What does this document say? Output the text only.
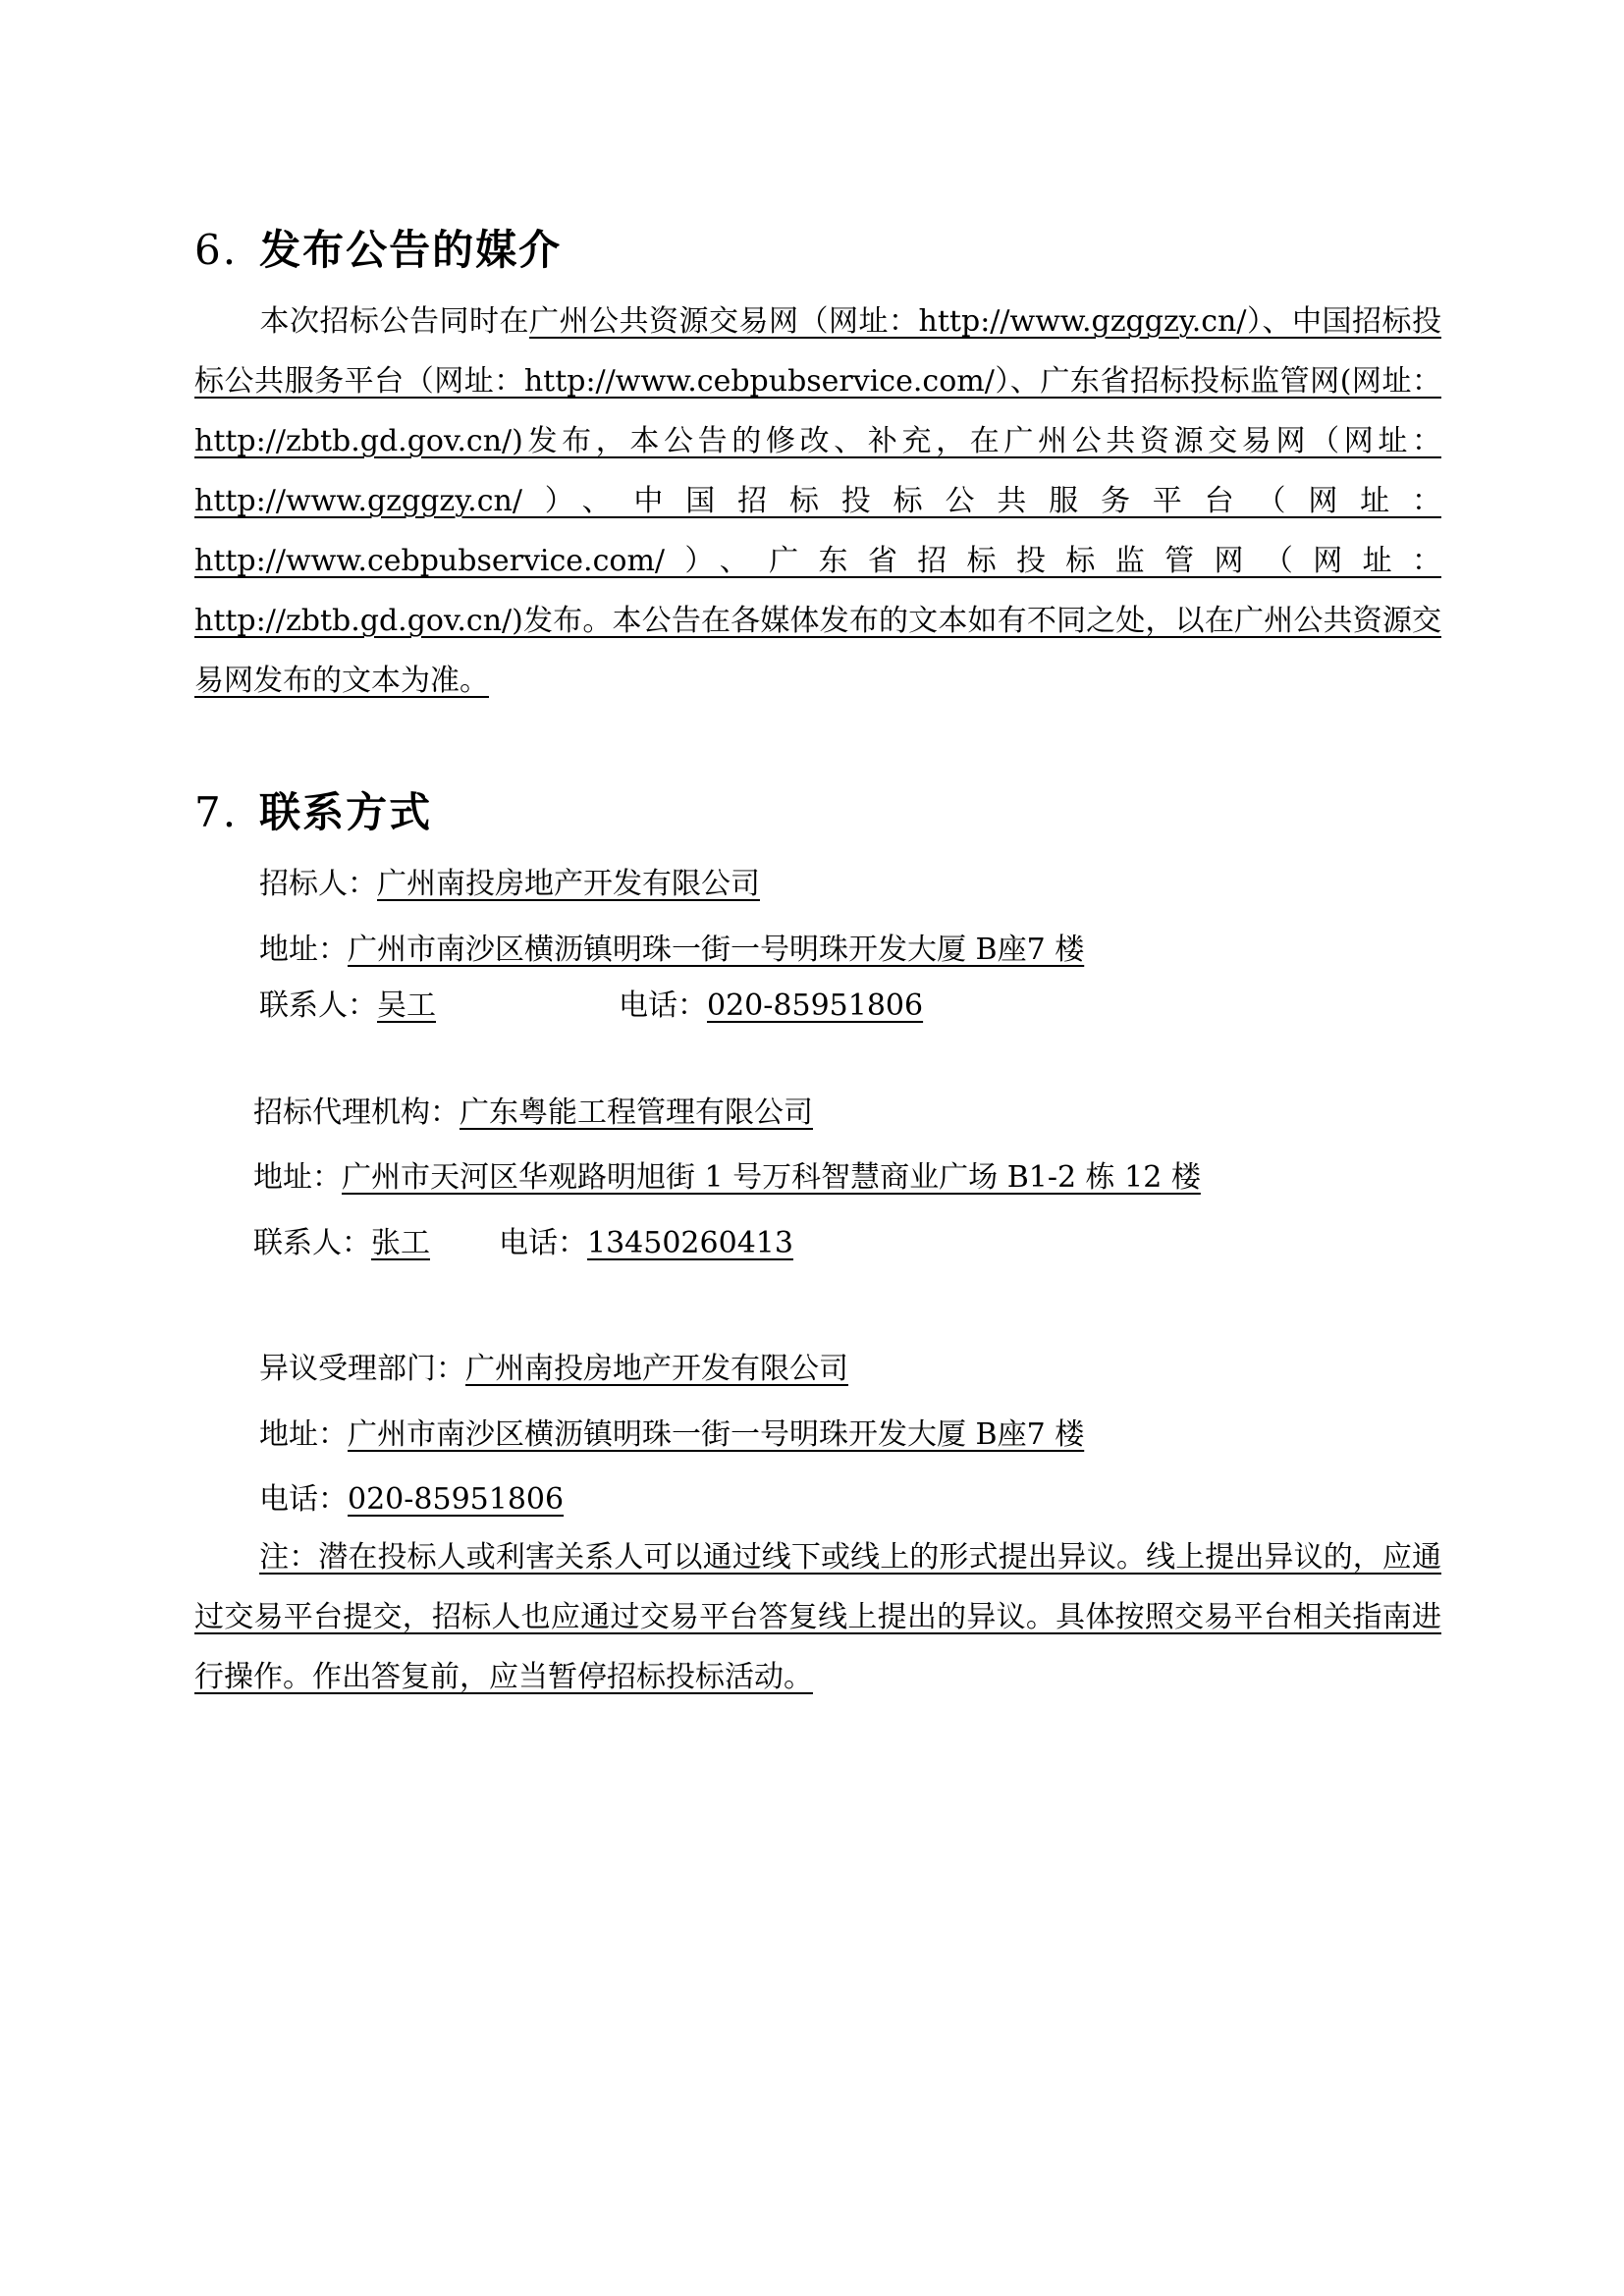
6. 发布公告的媒介
本次招标公告同时在广州公共资源交易网（网址：http://www.gzggzy.cn/）、中国招标投标公共服务平台（网址：http://www.cebpubservice.com/）、广东省招标投标监管网(网址：http://zbtb.gd.gov.cn/)发布，本公告的修改、补充，在广州公共资源交易网（网址：http://www.gzggzy.cn/）、中国招标投标公共服务平台（网址：http://www.cebpubservice.com/）、广东省招标投标监管网（网址：http://zbtb.gd.gov.cn/)发布。本公告在各媒体发布的文本如有不同之处，以在广州公共资源交易网发布的文本为准。
7. 联系方式
招标人：广州南投房地产开发有限公司
地址：广州市南沙区横沥镇明珠一街一号明珠开发大厦 B座7 楼
联系人：吴工	电话：020-85951806
招标代理机构：广东粤能工程管理有限公司
地址：广州市天河区华观路明旭街 1 号万科智慧商业广场 B1-2 栋 12 楼
联系人：张工 电话：13450260413
异议受理部门：广州南投房地产开发有限公司
地址：广州市南沙区横沥镇明珠一街一号明珠开发大厦 B座7 楼
电话：020-85951806
注：潜在投标人或利害关系人可以通过线下或线上的形式提出异议。线上提出异议的，应通过交易平台提交，招标人也应通过交易平台答复线上提出的异议。具体按照交易平台相关指南进行操作。作出答复前，应当暂停招标投标活动。
